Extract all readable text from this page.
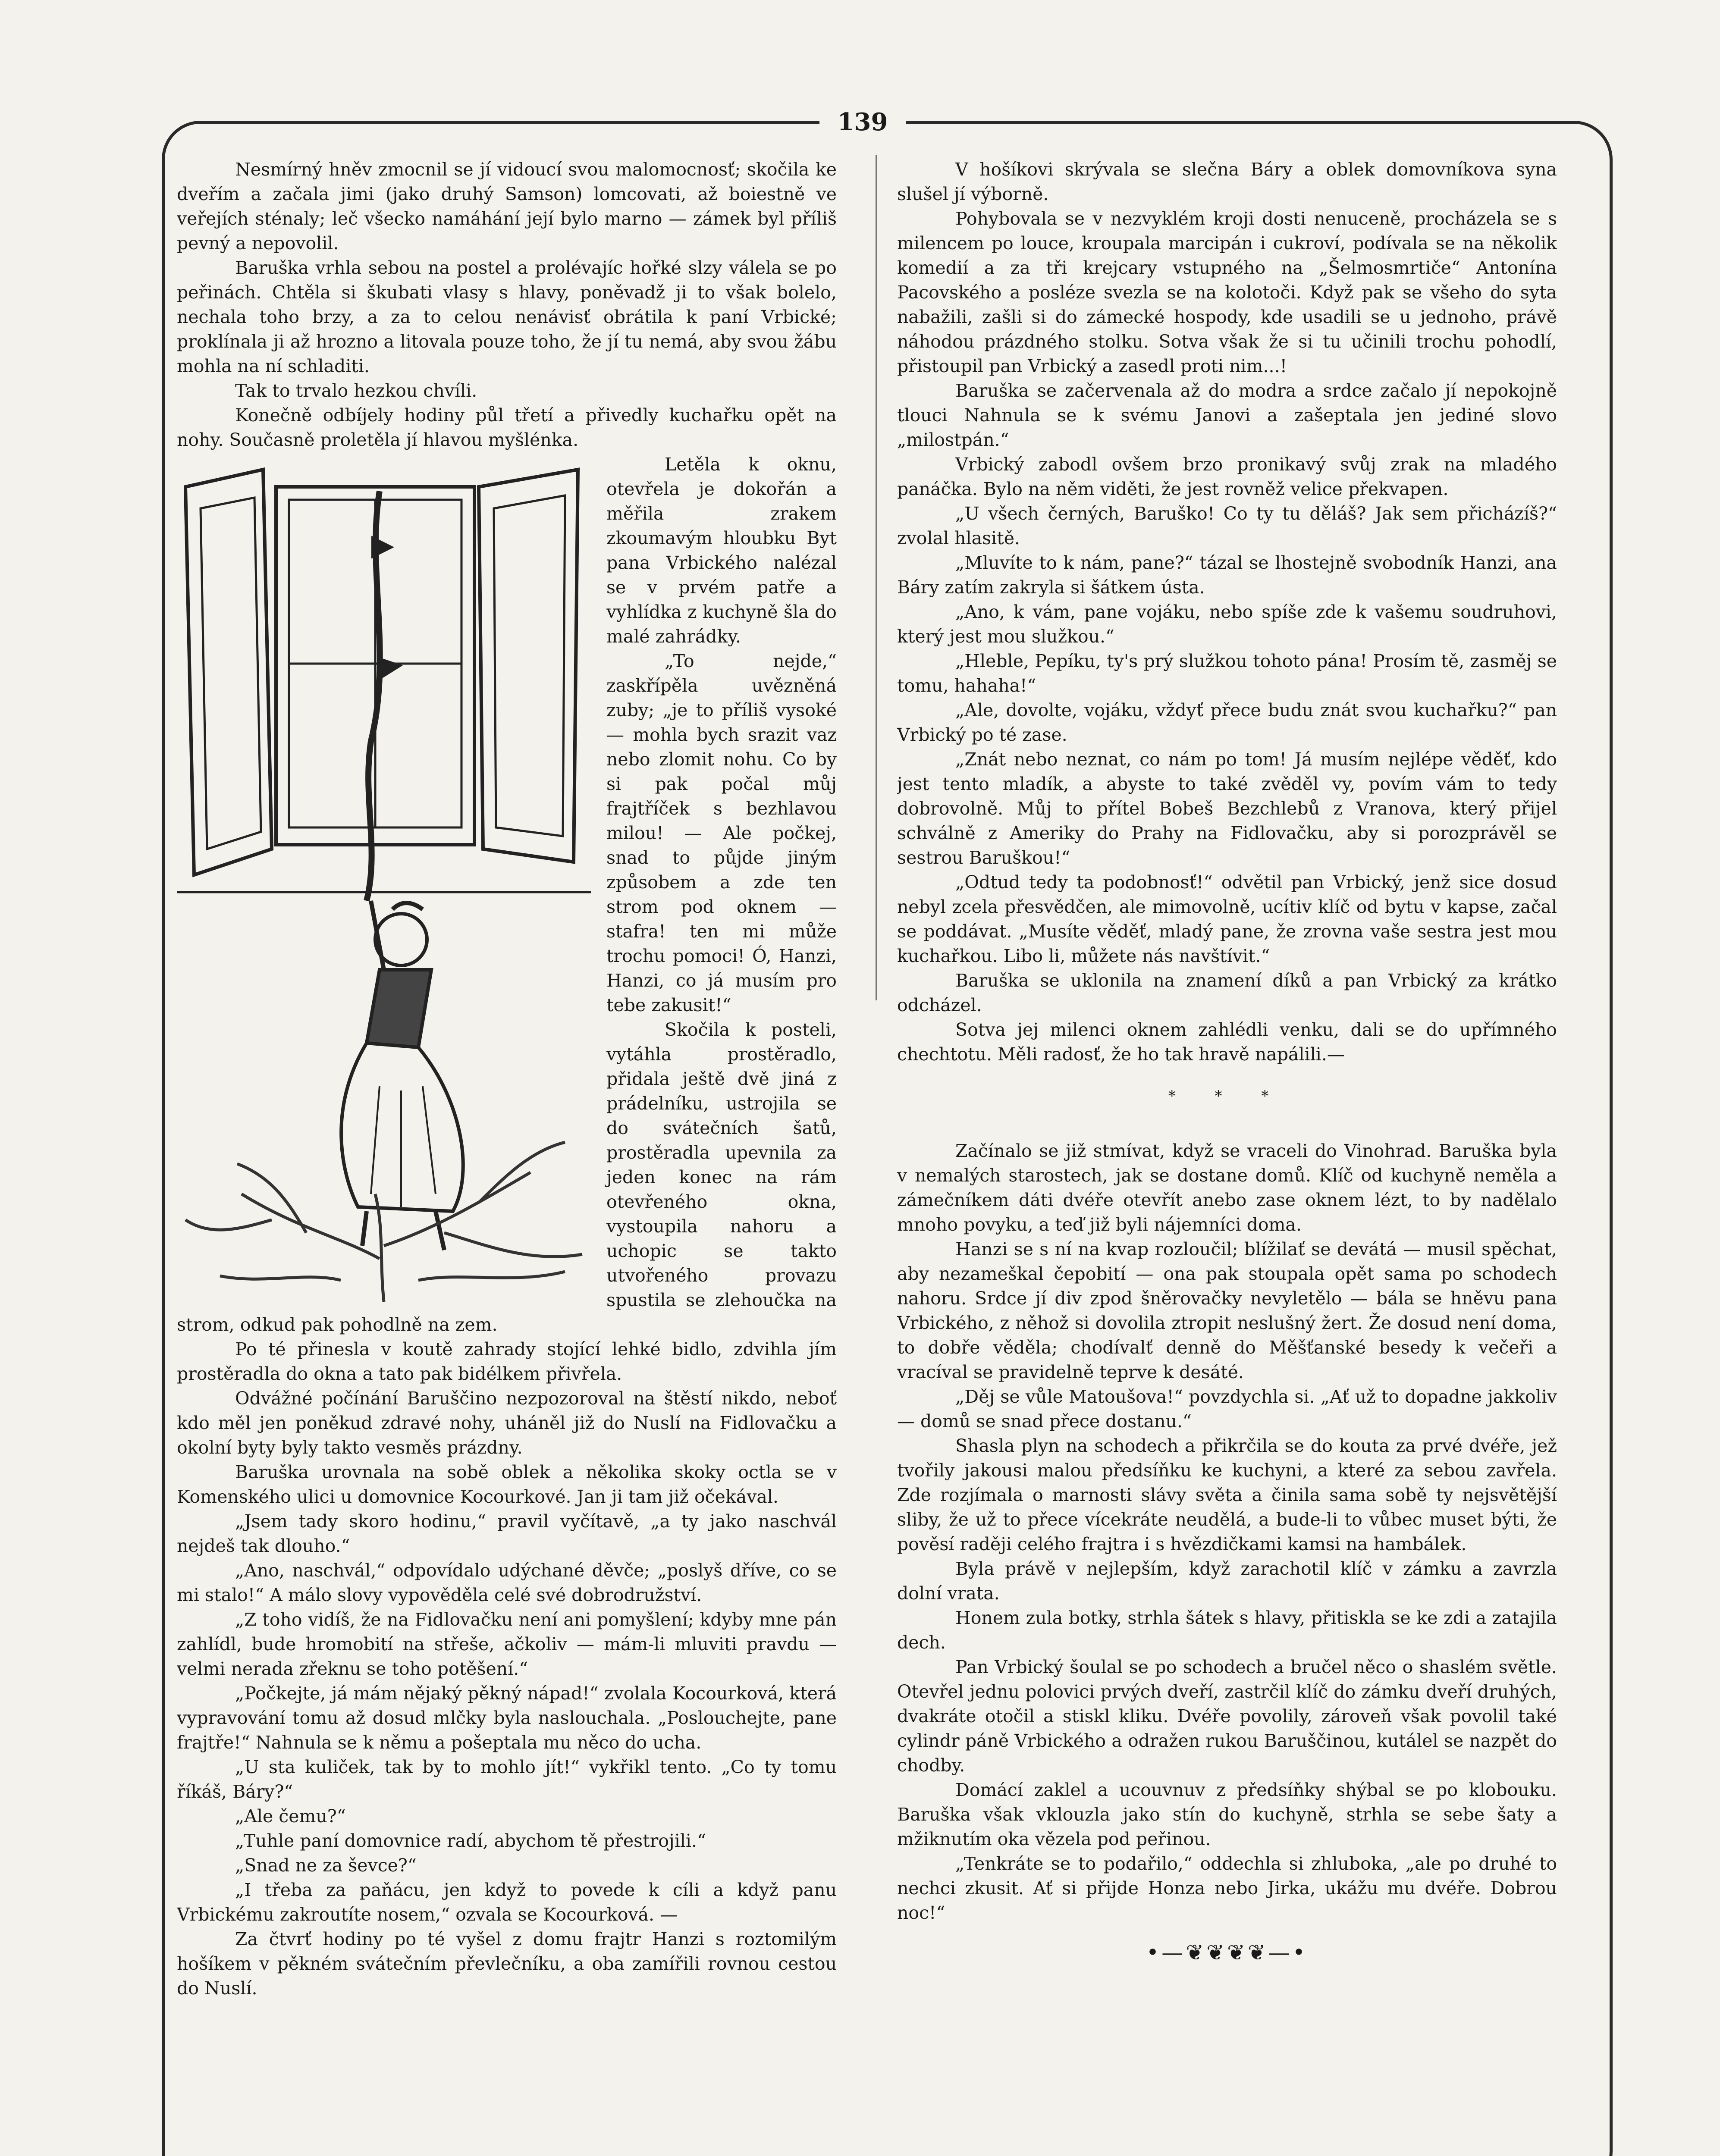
139

Nesmírný hněv zmocnil se jí vidoucí svou malomocnosť; skočila ke dveřím a začala jimi (jako druhý Samson) lomcovati, až boiestně ve veřejích sténaly; leč všecko namáhání její bylo marno — zámek byl příliš pevný a nepovolil.

Baruška vrhla sebou na postel a prolévajíc hořké slzy válela se po peřinách. Chtěla si škubati vlasy s hlavy, poněvadž ji to však bolelo, nechala toho brzy, a za to celou nenávisť obrátila k paní Vrbické; proklínala ji až hrozno a litovala pouze toho, že jí tu nemá, aby svou žábu mohla na ní schladiti.

Tak to trvalo hezkou chvíli.

Konečně odbíjely hodiny půl třetí a přivedly kuchařku opět na nohy. Současně proletěla jí hlavou myšlénka.

Letěla k oknu, otevřela je dokořán a měřila zrakem zkoumavým hloubku Byt pana Vrbického nalézal se v prvém patře a vyhlídka z kuchyně šla do malé zahrádky.

„To nejde,“ zaskřípěla uvězněná zuby; „je to příliš vysoké — mohla bych srazit vaz nebo zlomit nohu. Co by si pak počal můj frajtříček s bezhlavou milou! — Ale počkej, snad to půjde jiným způsobem a zde ten strom pod oknem — stafra! ten mi může trochu pomoci! Ó, Hanzi, Hanzi, co já musím pro tebe zakusit!“

Skočila k posteli, vytáhla prostěradlo, přidala ještě dvě jiná z prádelníku, ustrojila se do svátečních šatů, prostěradla upevnila za jeden konec na rám otevřeného okna, vystoupila nahoru a uchopic se takto utvořeného provazu spustila se zlehoučka na strom, odkud pak pohodlně na zem.

Po té přinesla v koutě zahrady stojící lehké bidlo, zdvihla jím prostěradla do okna a tato pak bidélkem přivřela.

Odvážné počínání Baruščino nezpozoroval na štěstí nikdo, neboť kdo měl jen poněkud zdravé nohy, uháněl již do Nuslí na Fidlovačku a okolní byty byly takto vesměs prázdny.

Baruška urovnala na sobě oblek a několika skoky octla se v Komenského ulici u domovnice Kocourkové. Jan ji tam již očekával.

„Jsem tady skoro hodinu,“ pravil vyčítavě, „a ty jako naschvál nejdeš tak dlouho.“

„Ano, naschvál,“ odpovídalo udýchané děvče; „poslyš dříve, co se mi stalo!“ A málo slovy vypověděla celé své dobrodružství.

„Z toho vidíš, že na Fidlovačku není ani pomyšlení; kdyby mne pán zahlídl, bude hromobití na střeše, ačkoliv — mám-li mluviti pravdu — velmi nerada zřeknu se toho potěšení.“

„Počkejte, já mám nějaký pěkný nápad!“ zvolala Kocourková, která vypravování tomu až dosud mlčky byla naslouchala. „Poslouchejte, pane frajtře!“ Nahnula se k němu a pošeptala mu něco do ucha.

„U sta kuliček, tak by to mohlo jít!“ vykřikl tento. „Co ty tomu říkáš, Báry?“

„Ale čemu?“

„Tuhle paní domovnice radí, abychom tě přestrojili.“

„Snad ne za ševce?“

„I třeba za paňácu, jen když to povede k cíli a když panu Vrbickému zakroutíte nosem,“ ozvala se Kocourková. —

Za čtvrť hodiny po té vyšel z domu frajtr Hanzi s roztomilým hošíkem v pěkném svátečním převlečníku, a oba zamířili rovnou cestou do Nuslí.

V hošíkovi skrývala se slečna Báry a oblek domovníkova syna slušel jí výborně.

Pohybovala se v nezvyklém kroji dosti nenuceně, procházela se s milencem po louce, kroupala marcipán i cukroví, podívala se na několik komedií a za tři krejcary vstupného na „Šelmosmrtiče“ Antonína Pacovského a posléze svezla se na kolotoči. Když pak se všeho do syta nabažili, zašli si do zámecké hospody, kde usadili se u jednoho, právě náhodou prázdného stolku. Sotva však že si tu učinili trochu pohodlí, přistoupil pan Vrbický a zasedl proti nim...!

Baruška se začervenala až do modra a srdce začalo jí nepokojně tlouci Nahnula se k svému Janovi a zašeptala jen jediné slovo „milostpán.“

Vrbický zabodl ovšem brzo pronikavý svůj zrak na mladého panáčka. Bylo na něm viděti, že jest rovněž velice překvapen.

„U všech černých, Baruško! Co ty tu děláš? Jak sem přicházíš?“ zvolal hlasitě.

„Mluvíte to k nám, pane?“ tázal se lhostejně svobodník Hanzi, ana Báry zatím zakryla si šátkem ústa.

„Ano, k vám, pane vojáku, nebo spíše zde k vašemu soudruhovi, který jest mou služkou.“

„Hleble, Pepíku, ty's prý služkou tohoto pána! Prosím tě, zasměj se tomu, hahaha!“

„Ale, dovolte, vojáku, vždyť přece budu znát svou kuchařku?“ pan Vrbický po té zase.

„Znát nebo neznat, co nám po tom! Já musím nejlépe věděť, kdo jest tento mladík, a abyste to také zvěděl vy, povím vám to tedy dobrovolně. Můj to přítel Bobeš Bezchlebů z Vranova, který přijel schválně z Ameriky do Prahy na Fidlovačku, aby si porozprávěl se sestrou Baruškou!“

„Odtud tedy ta podobnosť!“ odvětil pan Vrbický, jenž sice dosud nebyl zcela přesvědčen, ale mimovolně, ucítiv klíč od bytu v kapse, začal se poddávat. „Musíte věděť, mladý pane, že zrovna vaše sestra jest mou kuchařkou. Libo li, můžete nás navštívit.“

Baruška se uklonila na znamení díků a pan Vrbický za krátko odcházel.

Sotva jej milenci oknem zahlédli venku, dali se do upřímného chechtotu. Měli radosť, že ho tak hravě napálili.—

* * *

Začínalo se již stmívat, když se vraceli do Vinohrad. Baruška byla v nemalých starostech, jak se dostane domů. Klíč od kuchyně neměla a zámečníkem dáti dvéře otevřít anebo zase oknem lézt, to by nadělalo mnoho povyku, a teď již byli nájemníci doma.

Hanzi se s ní na kvap rozloučil; blížilať se devátá — musil spěchat, aby nezameškal čepobití — ona pak stoupala opět sama po schodech nahoru. Srdce jí div zpod šněrovačky nevyletělo — bála se hněvu pana Vrbického, z něhož si dovolila ztropit neslušný žert. Že dosud není doma, to dobře věděla; chodívalť denně do Měšťanské besedy k večeři a vracíval se pravidelně teprve k desáté.

„Děj se vůle Matoušova!“ povzdychla si. „Ať už to dopadne jakkoliv — domů se snad přece dostanu.“

Shasla plyn na schodech a přikrčila se do kouta za prvé dvéře, jež tvořily jakousi malou předsíňku ke kuchyni, a které za sebou zavřela. Zde rozjímala o marnosti slávy světa a činila sama sobě ty nejsvětější sliby, že už to přece vícekráte neudělá, a bude-li to vůbec muset býti, že pověsí raději celého frajtra i s hvězdičkami kamsi na hambálek.

Byla právě v nejlepším, když zarachotil klíč v zámku a zavrzla dolní vrata.

Honem zula botky, strhla šátek s hlavy, přitiskla se ke zdi a zatajila dech.

Pan Vrbický šoulal se po schodech a bručel něco o shaslém světle. Otevřel jednu polovici prvých dveří, zastrčil klíč do zámku dveří druhých, dvakráte otočil a stiskl kliku. Dvéře povolily, zároveň však povolil také cylindr páně Vrbického a odražen rukou Baruščinou, kutálel se nazpět do chodby.

Domácí zaklel a ucouvnuv z předsíňky shýbal se po klobouku. Baruška však vklouzla jako stín do kuchyně, strhla se sebe šaty a mžiknutím oka vězela pod peřinou.

„Tenkráte se to podařilo,“ oddechla si zhluboka, „ale po druhé to nechci zkusit. Ať si přijde Honza nebo Jirka, ukážu mu dvéře. Dobrou noc!“

•—❦❦❦❦—•
